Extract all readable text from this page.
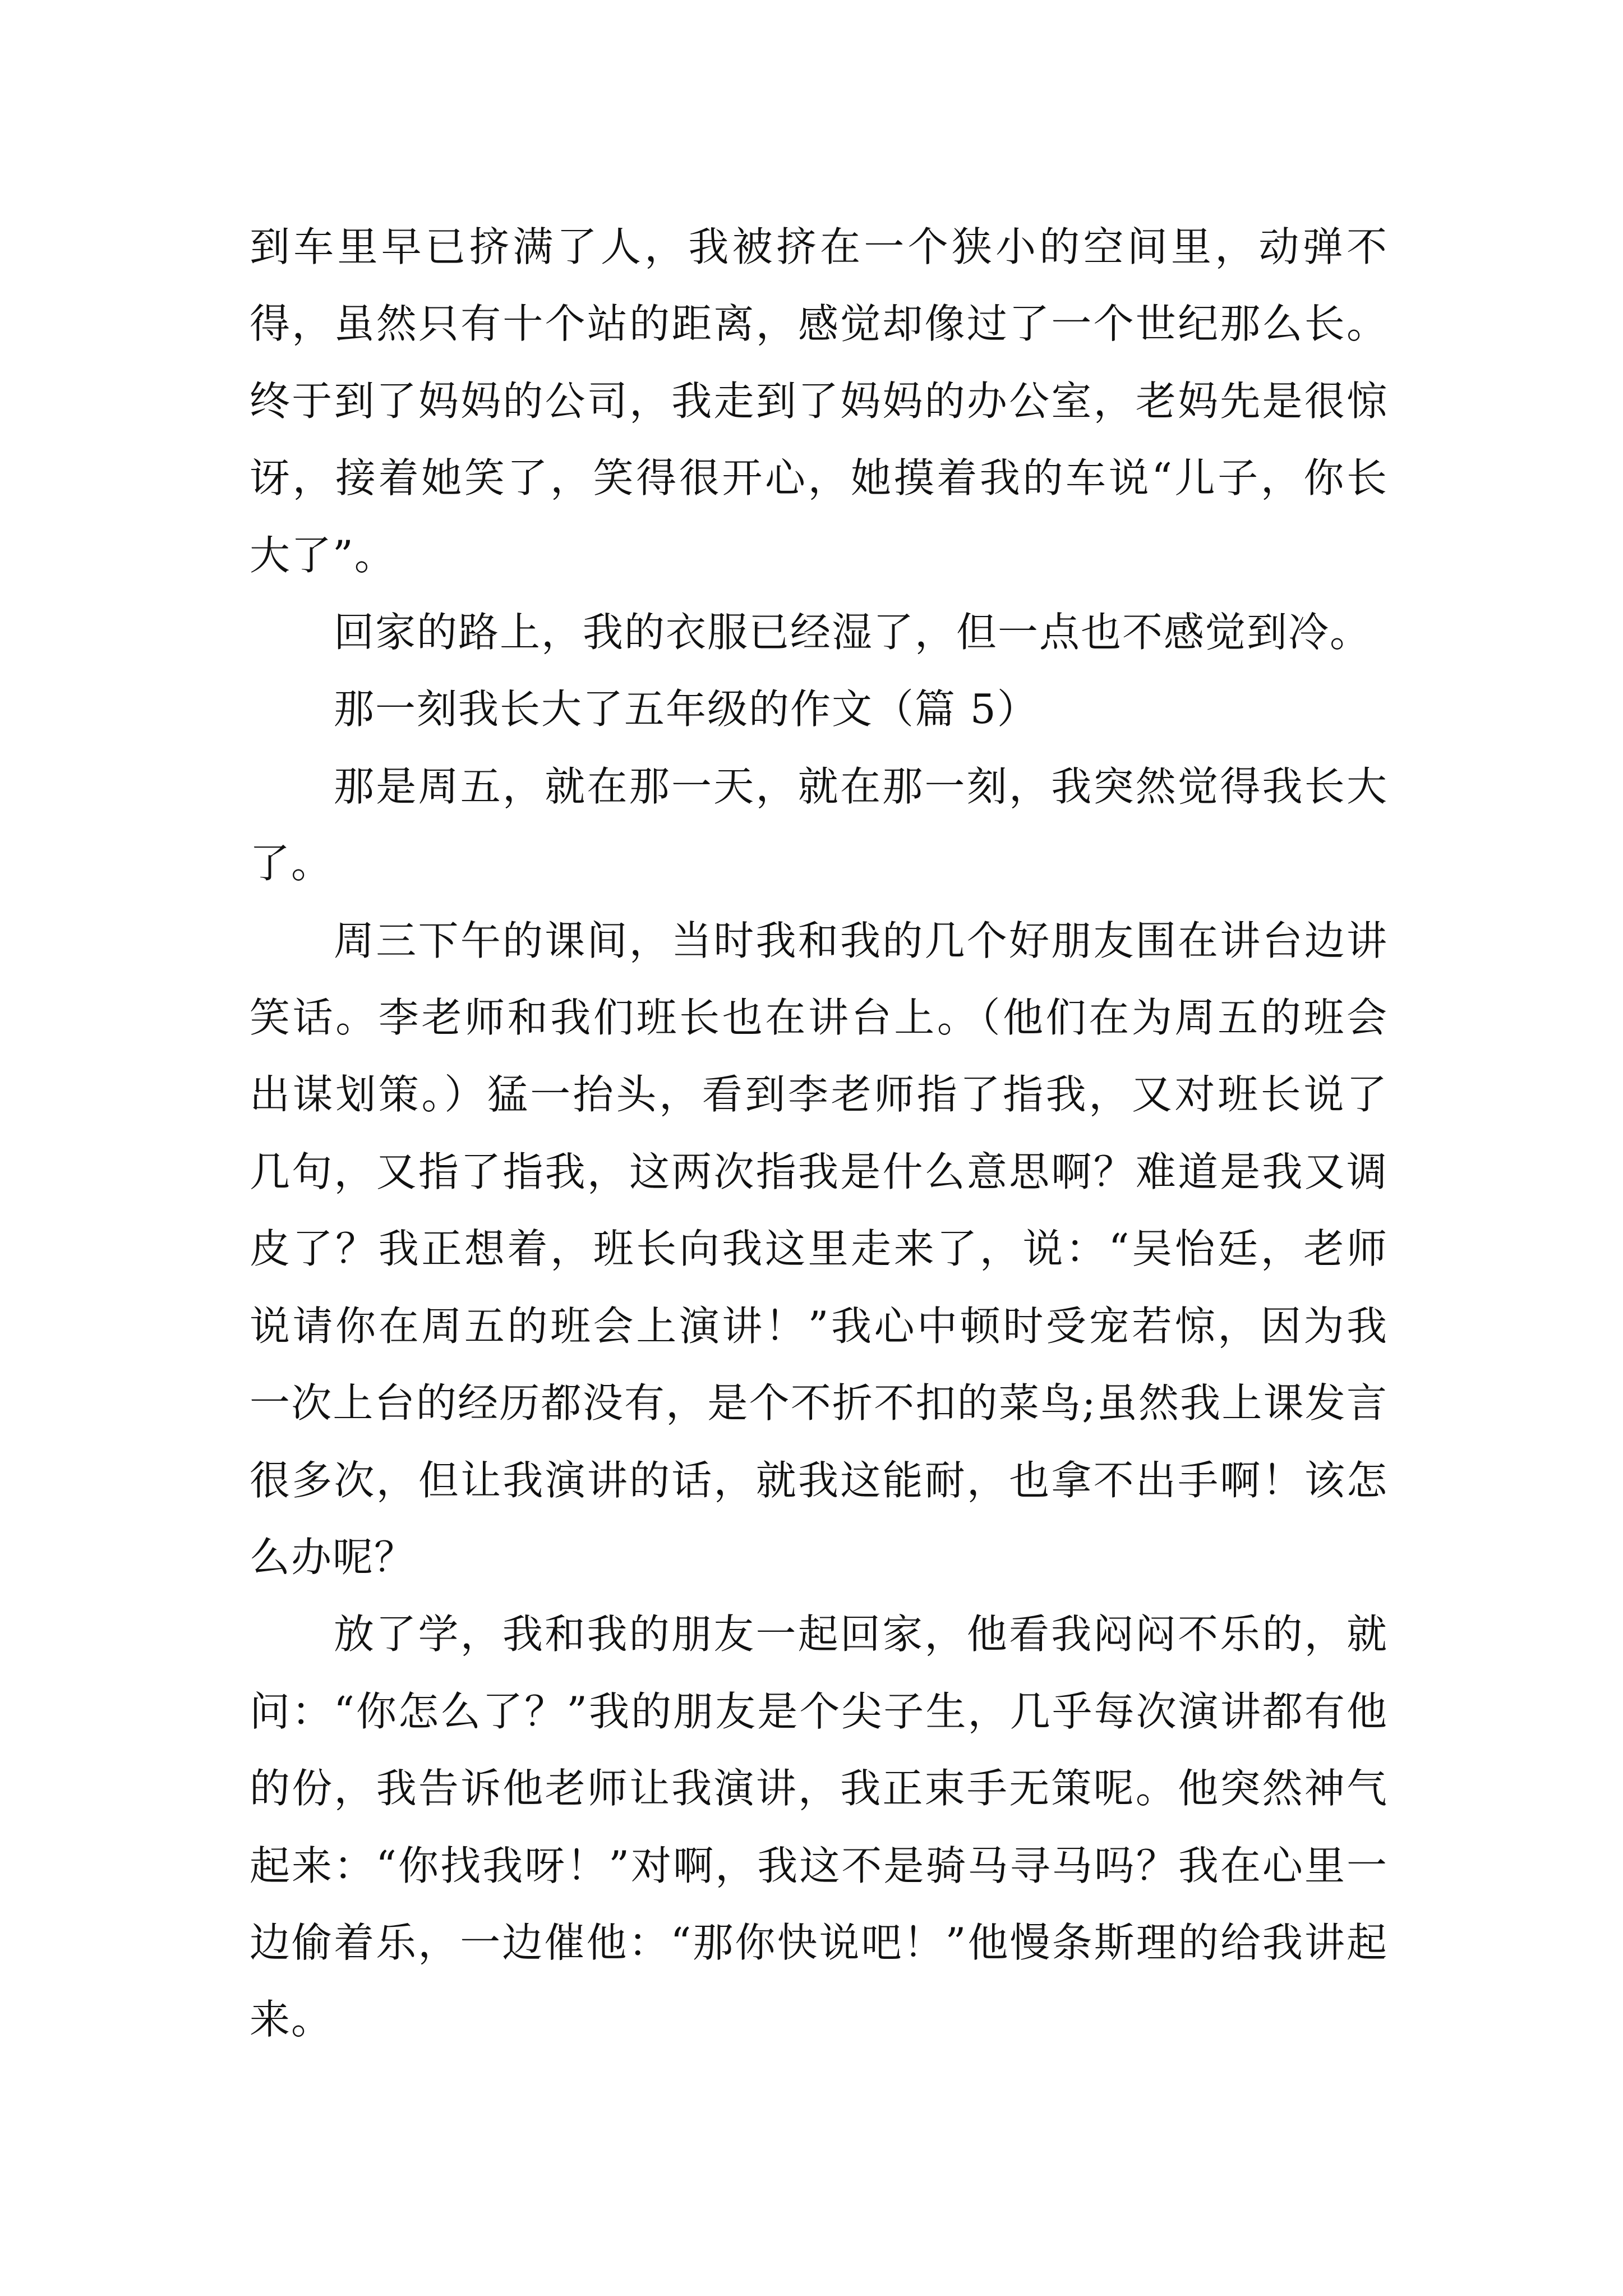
到车里早已挤满了人，我被挤在一个狭小的空间里，动弹不得，虽然只有十个站的距离，感觉却像过了一个世纪那么长。终于到了妈妈的公司，我走到了妈妈的办公室，老妈先是很惊讶，接着她笑了，笑得很开心，她摸着我的车说“儿子，你长大了”。

回家的路上，我的衣服已经湿了，但一点也不感觉到冷。

那一刻我长大了五年级的作文（篇 5）

那是周五，就在那一天，就在那一刻，我突然觉得我长大了。

周三下午的课间，当时我和我的几个好朋友围在讲台边讲笑话。李老师和我们班长也在讲台上。（他们在为周五的班会出谋划策。）猛一抬头，看到李老师指了指我，又对班长说了几句，又指了指我，这两次指我是什么意思啊？难道是我又调皮了？我正想着，班长向我这里走来了，说：“吴怡廷，老师说请你在周五的班会上演讲！”我心中顿时受宠若惊，因为我一次上台的经历都没有，是个不折不扣的菜鸟;虽然我上课发言很多次，但让我演讲的话，就我这能耐，也拿不出手啊！该怎么办呢？

放了学，我和我的朋友一起回家，他看我闷闷不乐的，就问：“你怎么了？”我的朋友是个尖子生，几乎每次演讲都有他的份，我告诉他老师让我演讲，我正束手无策呢。他突然神气起来：“你找我呀！”对啊，我这不是骑马寻马吗？我在心里一边偷着乐，一边催他：“那你快说吧！”他慢条斯理的给我讲起来。
